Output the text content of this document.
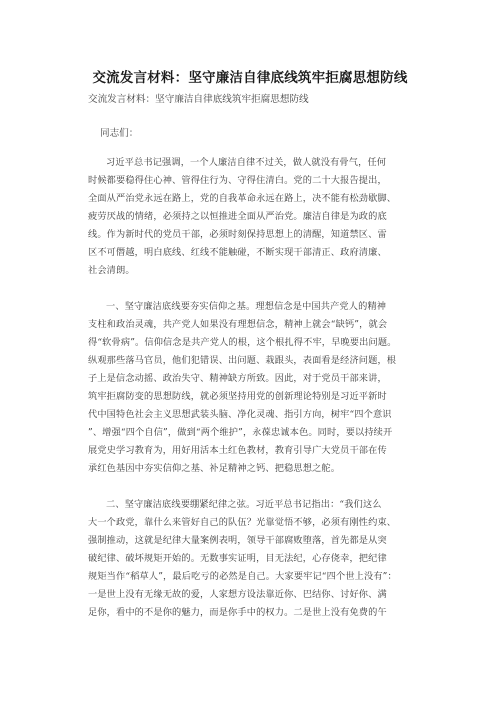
交流发言材料：坚守廉洁自律底线筑牢拒腐思想防线
交流发言材料：坚守廉洁自律底线筑牢拒腐思想防线
同志们：
习近平总书记强调，一个人廉洁自律不过关，做人就没有骨气，任何
时候都要稳得住心神、管得住行为、守得住清白。党的二十大报告提出，
全面从严治党永远在路上，党的自我革命永远在路上，决不能有松劲歇脚、
疲劳厌战的情绪，必须持之以恒推进全面从严治党。廉洁自律是为政的底
线。作为新时代的党员干部，必须时刻保持思想上的清醒，知道禁区、雷
区不可僭越，明白底线、红线不能触碰，不断实现干部清正、政府清廉、
社会清朗。
一、坚守廉洁底线要夯实信仰之基。理想信念是中国共产党人的精神
支柱和政治灵魂，共产党人如果没有理想信念，精神上就会“缺钙”，就会
得“软骨病”。信仰信念是共产党人的根，这个根扎得不牢，早晚要出问题。
纵观那些落马官员，他们犯错误、出问题、栽跟头，表面看是经济问题，根
子上是信念动摇、政治失守、精神缺方所致。因此，对于党员干部来讲，
筑牢拒腐防变的思想防线，就必须坚持用党的创新理论特别是习近平新时
代中国特色社会主义思想武装头脑、净化灵魂、指引方向，树牢“四个意识
”、增强“四个自信”，做到“两个维护”，永葆忠诚本色。同时，要以持续开
展党史学习教育为，用好用活本土红色教材，教育引导广大党员干部在传
承红色基因中夯实信仰之基、补足精神之钙、把稳思想之舵。
二、坚守廉洁底线要绷紧纪律之弦。习近平总书记指出：“我们这么
大一个政党，靠什么来管好自己的队伍？光靠觉悟不够，必须有刚性约束、
强制推动，这就是纪律大量案例表明，领导干部腐败堕落，首先都是从突
破纪律、破坏规矩开始的。无数事实证明，目无法纪，心存侥幸，把纪律
规矩当作“稻草人”，最后吃亏的必然是自己。大家要牢记“四个世上没有”：
一是世上没有无缘无故的爱，人家想方设法靠近你、巴结你、讨好你、满
足你，看中的不是你的魅力，而是你手中的权力。二是世上没有免费的午
